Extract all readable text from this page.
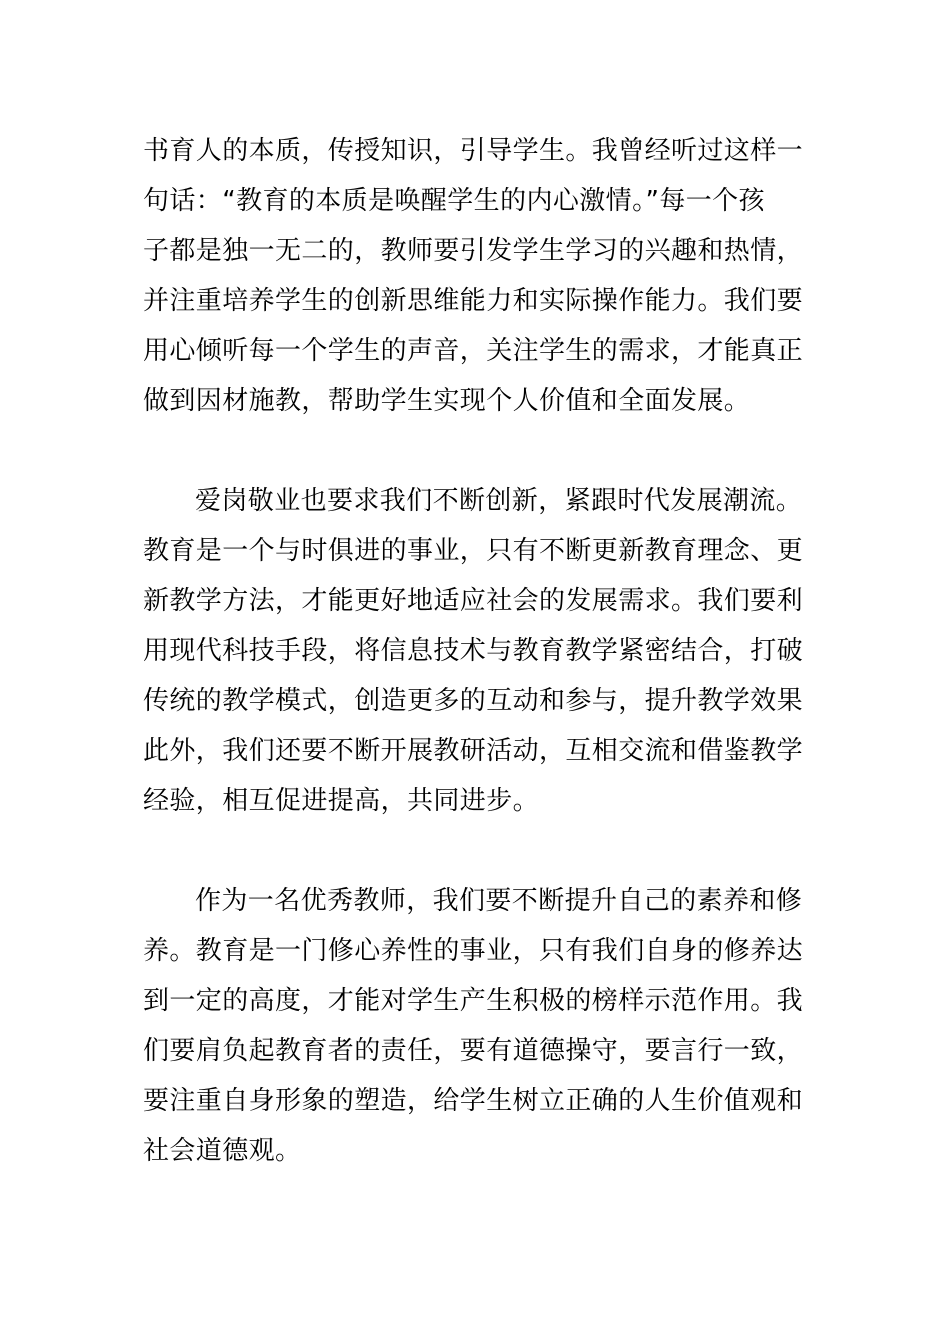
书育人的本质，传授知识，引导学生。我曾经听过这样一
句话：“教育的本质是唤醒学生的内心激情。”每一个孩
子都是独一无二的，教师要引发学生学习的兴趣和热情，
并注重培养学生的创新思维能力和实际操作能力。我们要
用心倾听每一个学生的声音，关注学生的需求，才能真正
做到因材施教，帮助学生实现个人价值和全面发展。

爱岗敬业也要求我们不断创新，紧跟时代发展潮流。
教育是一个与时俱进的事业，只有不断更新教育理念、更
新教学方法，才能更好地适应社会的发展需求。我们要利
用现代科技手段，将信息技术与教育教学紧密结合，打破
传统的教学模式，创造更多的互动和参与，提升教学效果
此外，我们还要不断开展教研活动，互相交流和借鉴教学
经验，相互促进提高，共同进步。

作为一名优秀教师，我们要不断提升自己的素养和修
养。教育是一门修心养性的事业，只有我们自身的修养达
到一定的高度，才能对学生产生积极的榜样示范作用。我
们要肩负起教育者的责任，要有道德操守，要言行一致，
要注重自身形象的塑造，给学生树立正确的人生价值观和
社会道德观。
